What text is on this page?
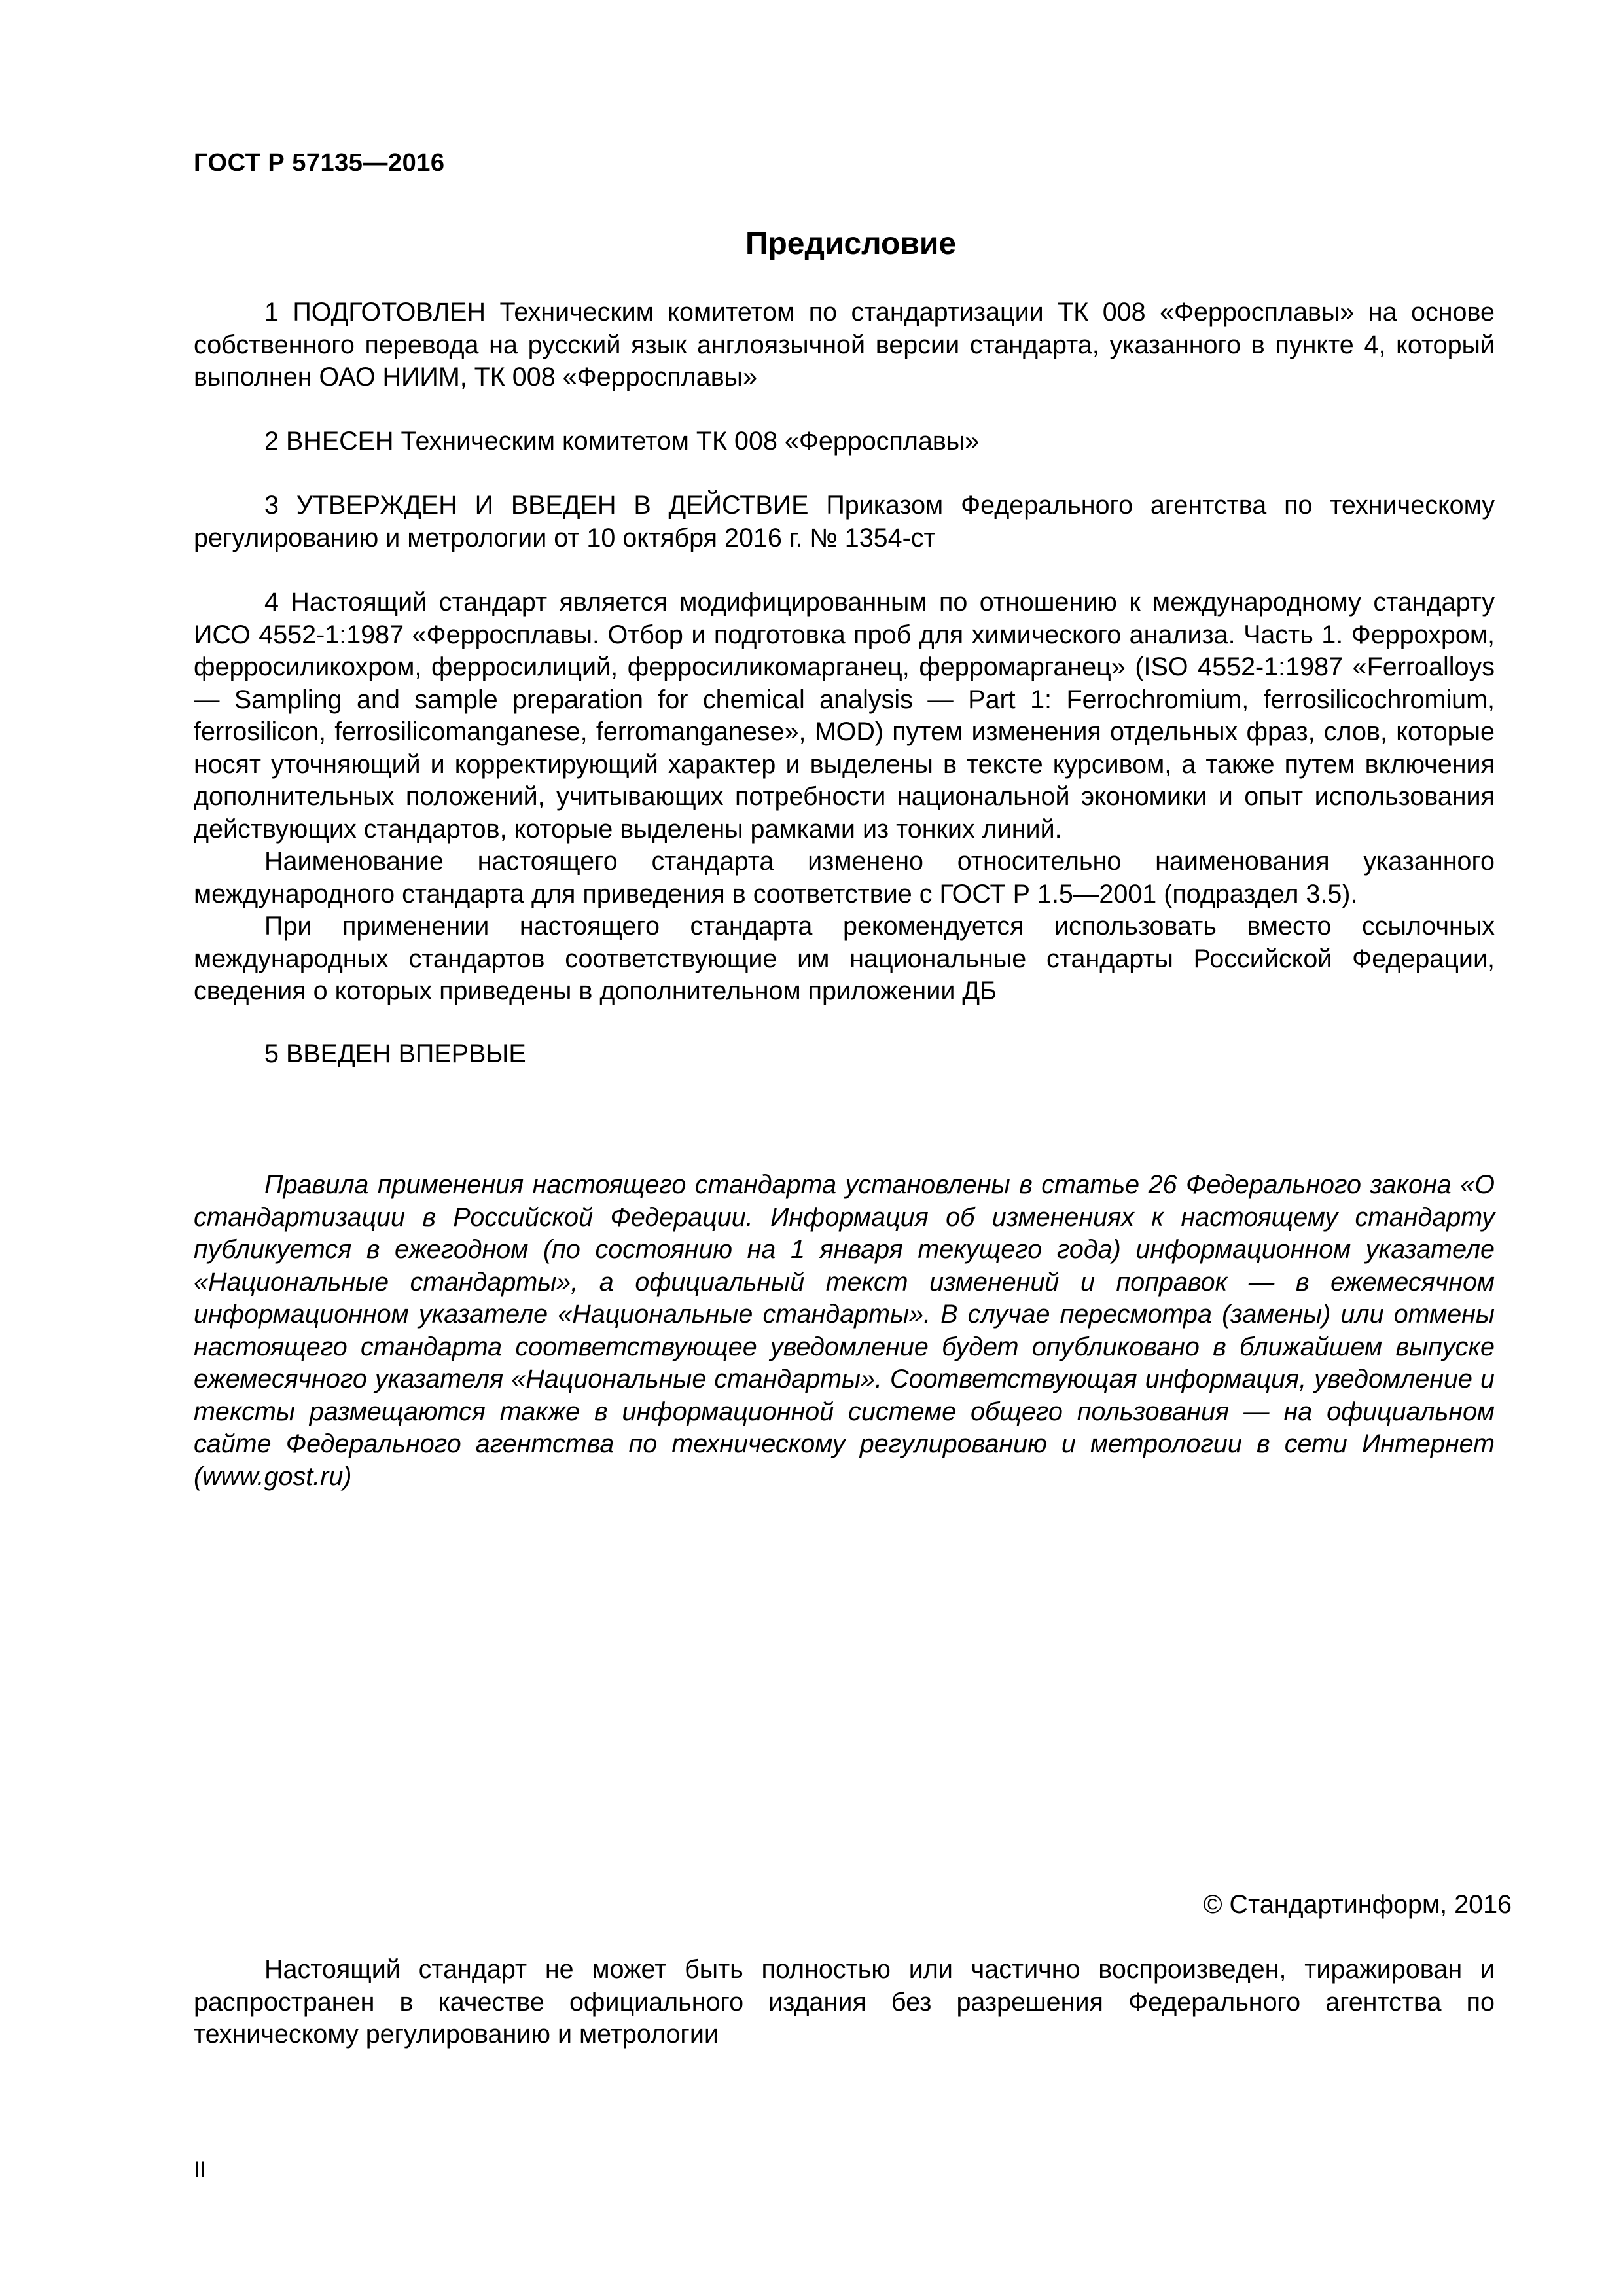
ГОСТ Р 57135—2016
Предисловие

1 ПОДГОТОВЛЕН Техническим комитетом по стандартизации ТК 008 «Ферросплавы» на основе собственного перевода на русский язык англоязычной версии стандарта, указанного в пункте 4, который выполнен ОАО НИИМ, ТК 008 «Ферросплавы»

2 ВНЕСЕН Техническим комитетом ТК 008 «Ферросплавы»

3 УТВЕРЖДЕН И ВВЕДЕН В ДЕЙСТВИЕ Приказом Федерального агентства по техническому регулированию и метрологии от 10 октября 2016 г. № 1354-ст

4 Настоящий стандарт является модифицированным по отношению к международному стандарту ИСО 4552-1:1987 «Ферросплавы. Отбор и подготовка проб для химического анализа. Часть 1. Феррохром, ферросиликохром, ферросилиций, ферросиликомарганец, ферромарганец» (ISO 4552-1:1987 «Ferroalloys — Sampling and sample preparation for chemical analysis — Part 1: Ferrochromium, ferrosilicochromium, ferrosilicon, ferrosilicomanganese, ferromanganese», MOD) путем изменения отдельных фраз, слов, которые носят уточняющий и корректирующий характер и выделены в тексте курсивом, а также путем включения дополнительных положений, учитывающих потребности национальной экономики и опыт использования действующих стандартов, которые выделены рамками из тонких линий.

Наименование настоящего стандарта изменено относительно наименования указанного международного стандарта для приведения в соответствие с ГОСТ Р 1.5—2001 (подраздел 3.5).

При применении настоящего стандарта рекомендуется использовать вместо ссылочных международных стандартов соответствующие им национальные стандарты Российской Федерации, сведения о которых приведены в дополнительном приложении ДБ

5 ВВЕДЕН ВПЕРВЫЕ

Правила применения настоящего стандарта установлены в статье 26 Федерального закона «О стандартизации в Российской Федерации. Информация об изменениях к настоящему стандарту публикуется в ежегодном (по состоянию на 1 января текущего года) информационном указателе «Национальные стандарты», а официальный текст изменений и поправок — в ежемесячном информационном указателе «Национальные стандарты». В случае пересмотра (замены) или отмены настоящего стандарта соответствующее уведомление будет опубликовано в ближайшем выпуске ежемесячного указателя «Национальные стандарты». Соответствующая информация, уведомление и тексты размещаются также в информационной системе общего пользования — на официальном сайте Федерального агентства по техническому регулированию и метрологии в сети Интернет (www.gost.ru)

© Стандартинформ, 2016

Настоящий стандарт не может быть полностью или частично воспроизведен, тиражирован и распространен в качестве официального издания без разрешения Федерального агентства по техническому регулированию и метрологии

II
